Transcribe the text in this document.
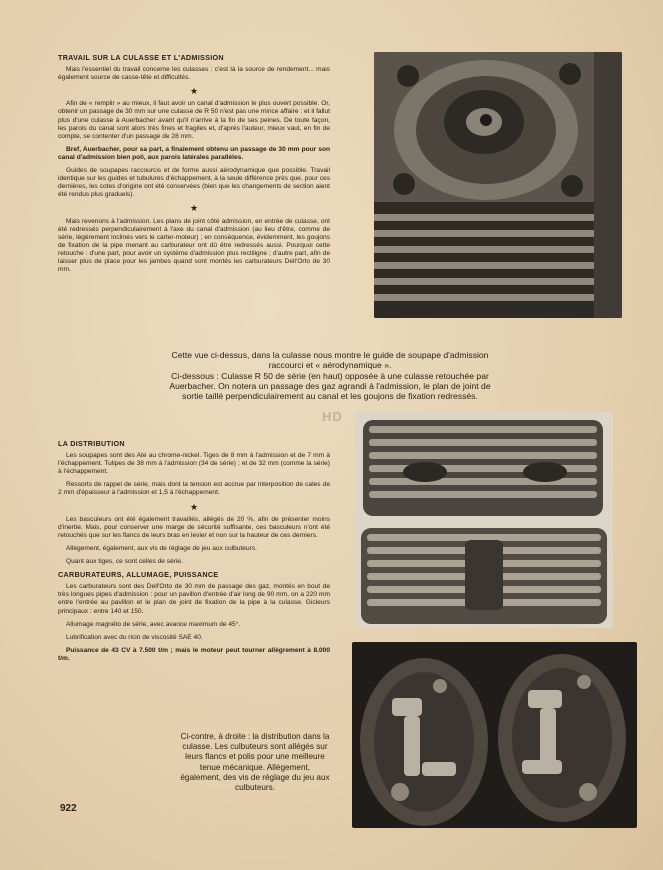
TRAVAIL SUR LA CULASSE ET L'ADMISSION

Mais l'essentiel du travail concerne les culasses : c'est là la source de rendement... mais également source de casse-tête et difficultés.

★

Afin de « remplir » au mieux, il faut avoir un canal d'admission le plus ouvert possible. Or, obtenir un passage de 30 mm sur une culasse de R 50 n'est pas une mince affaire : et il fallut plus d'une culasse à Auerbacher avant qu'il n'arrive à la fin de ses peines. De toute façon, les parois du canal sont alors très fines et fragiles et, d'après l'auteur, mieux vaut, en fin de compte, se contenter d'un passage de 28 mm.

Bref, Auerbacher, pour sa part, a finalement obtenu un passage de 30 mm pour son canal d'admission bien poli, aux parois latérales parallèles.

Guides de soupapes raccourcis et de forme aussi aérodynamique que possible. Travail identique sur les guides et tubulures d'échappement, à la seule différence près que, pour ces dernières, les cotes d'origine ont été conservées (bien que les changements de section aient été rendus plus graduels).

★

Mais revenons à l'admission. Les plans de joint côté admission, en entrée de culasse, ont été redressés perpendiculairement à l'axe du canal d'admission (au lieu d'être, comme de série, légèrement inclinés vers le carter-moteur) ; en conséquence, évidemment, les goujons de fixation de la pipe menant au carburateur ont dû être redressés aussi. Pourquoi cette retouche : d'une part, pour avoir un système d'admission plus rectiligne ; d'autre part, afin de laisser plus de place pour les jambes quand sont montés les carburateurs Dell'Orto de 30 mm.

Cette vue ci-dessus, dans la culasse nous montre le guide de soupape d'admission raccourci et « aérodynamique ».
Ci-dessous : Culasse R 50 de série (en haut) opposée à une culasse retouchée par Auerbacher. On notera un passage des gaz agrandi à l'admission, le plan de joint de sortie taillé perpendiculairement au canal et les goujons de fixation redressés.
HD
LA DISTRIBUTION

Les soupapes sont des Ate au chrome-nickel. Tiges de 8 mm à l'admission et de 7 mm à l'échappement. Tulipes de 38 mm à l'admission (34 de série) ; et de 32 mm (comme la série) à l'échappement.

Ressorts de rappel de série, mais dont la tension est accrue par interposition de cales de 2 mm d'épaisseur à l'admission et 1,5 à l'échappement.

★

Les basculeurs ont été également travaillés, allégés de 20 %, afin de présenter moins d'inertie. Mais, pour conserver une marge de sécurité suffisante, ces basculeurs n'ont été retouchés que sur les flancs de leurs bras en levier et non sur la hauteur de ces derniers.

Allègement, également, aux vis de réglage de jeu aux culbuteurs.

Quant aux tiges, ce sont celles de série.

CARBURATEURS, ALLUMAGE, PUISSANCE

Les carburateurs sont des Dell'Orto de 30 mm de passage des gaz, montés en bout de très longues pipes d'admission : pour un pavillon d'entrée d'air long de 90 mm, on a 220 mm entre l'entrée au pavillon et le plan de joint de fixation de la pipe à la culasse. Gicleurs principaux : entre 140 et 150.

Allumage magnéto de série, avec avance maximum de 45°.

Lubrification avec du ricin de viscosité SAE 40.

Puissance de 43 CV à 7.500 t/m ; mais le moteur peut tourner allègrement à 8.000 t/m.

Ci-contre, à droite : la distribution dans la culasse. Les culbuteurs sont allégés sur leurs flancs et polis pour une meilleure tenue mécanique. Allègement, également, des vis de réglage du jeu aux culbuteurs.
922
